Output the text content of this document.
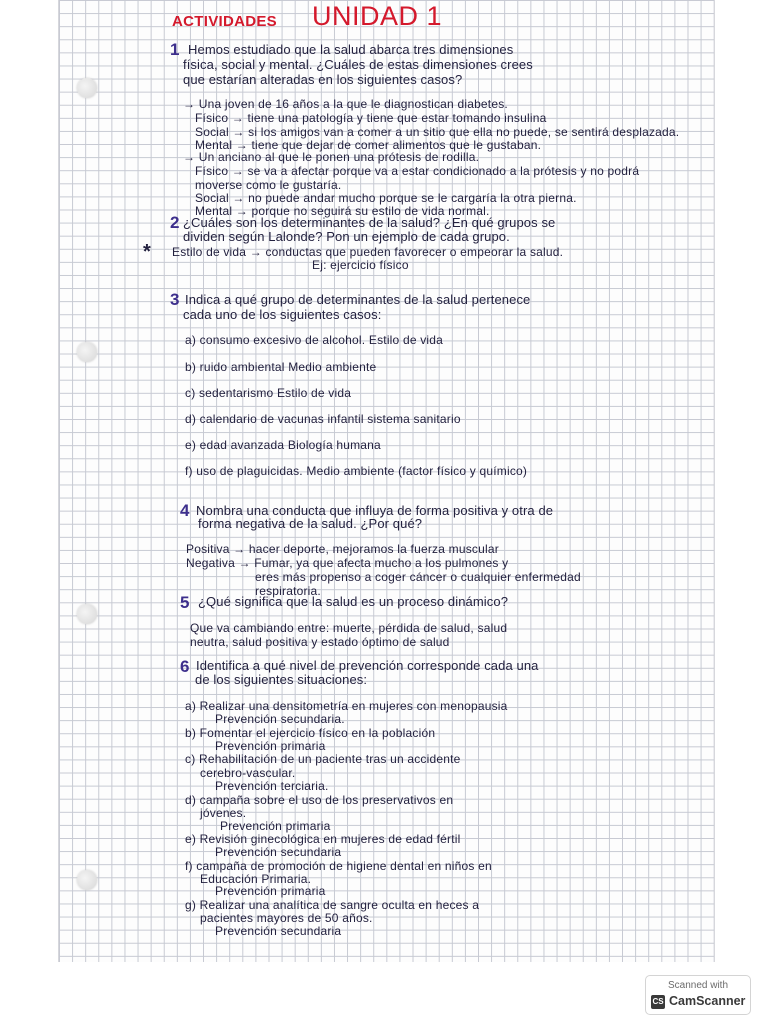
ACTIVIDADES UNIDAD 1
1 Hemos estudiado que la salud abarca tres dimensiones
física, social y mental. ¿Cuáles de estas dimensiones crees
que estarían alteradas en los siguientes casos?
→ Una joven de 16 años a la que le diagnostican diabetes.
Físico → tiene una patología y tiene que estar tomando insulina
Social → si los amigos van a comer a un sitio que ella no puede, se sentirá desplazada.
Mental → tiene que dejar de comer alimentos que le gustaban.
→ Un anciano al que le ponen una prótesis de rodilla.
Físico → se va a afectar porque va a estar condicionado a la prótesis y no podrá
moverse como le gustaría.
Social → no puede andar mucho porque se le cargaría la otra pierna.
Mental → porque no seguirá su estilo de vida normal.
2 ¿Cuáles son los determinantes de la salud? ¿En qué grupos se
dividen según Lalonde? Pon un ejemplo de cada grupo.
* Estilo de vida → conductas que pueden favorecer o empeorar la salud.
Ej: ejercicio físico
3 Indica a qué grupo de determinantes de la salud pertenece
cada uno de los siguientes casos:
a) consumo excesivo de alcohol. Estilo de vida
b) ruido ambiental Medio ambiente
c) sedentarismo Estilo de vida
d) calendario de vacunas infantil sistema sanitario
e) edad avanzada Biología humana
f) uso de plaguicidas. Medio ambiente (factor físico y químico)
4 Nombra una conducta que influya de forma positiva y otra de
forma negativa de la salud. ¿Por qué?
Positiva → hacer deporte, mejoramos la fuerza muscular
Negativa → Fumar, ya que afecta mucho a los pulmones y
eres más propenso a coger cáncer o cualquier enfermedad
respiratoria.
5 ¿Qué significa que la salud es un proceso dinámico?
Que va cambiando entre: muerte, pérdida de salud, salud
neutra, salud positiva y estado óptimo de salud
6 Identifica a qué nivel de prevención corresponde cada una
de los siguientes situaciones:
a) Realizar una densitometría en mujeres con menopausia
Prevención secundaria.
b) Fomentar el ejercicio físico en la población
Prevención primaria
c) Rehabilitación de un paciente tras un accidente
cerebro-vascular.
Prevención terciaria.
d) campaña sobre el uso de los preservativos en
jóvenes.
Prevención primaria
e) Revisión ginecológica en mujeres de edad fértil
Prevención secundaria
f) campaña de promoción de higiene dental en niños en
Educación Primaria.
Prevención primaria
g) Realizar una analítica de sangre oculta en heces a
pacientes mayores de 50 años.
Prevención secundaria
Scanned with
CS CamScanner
